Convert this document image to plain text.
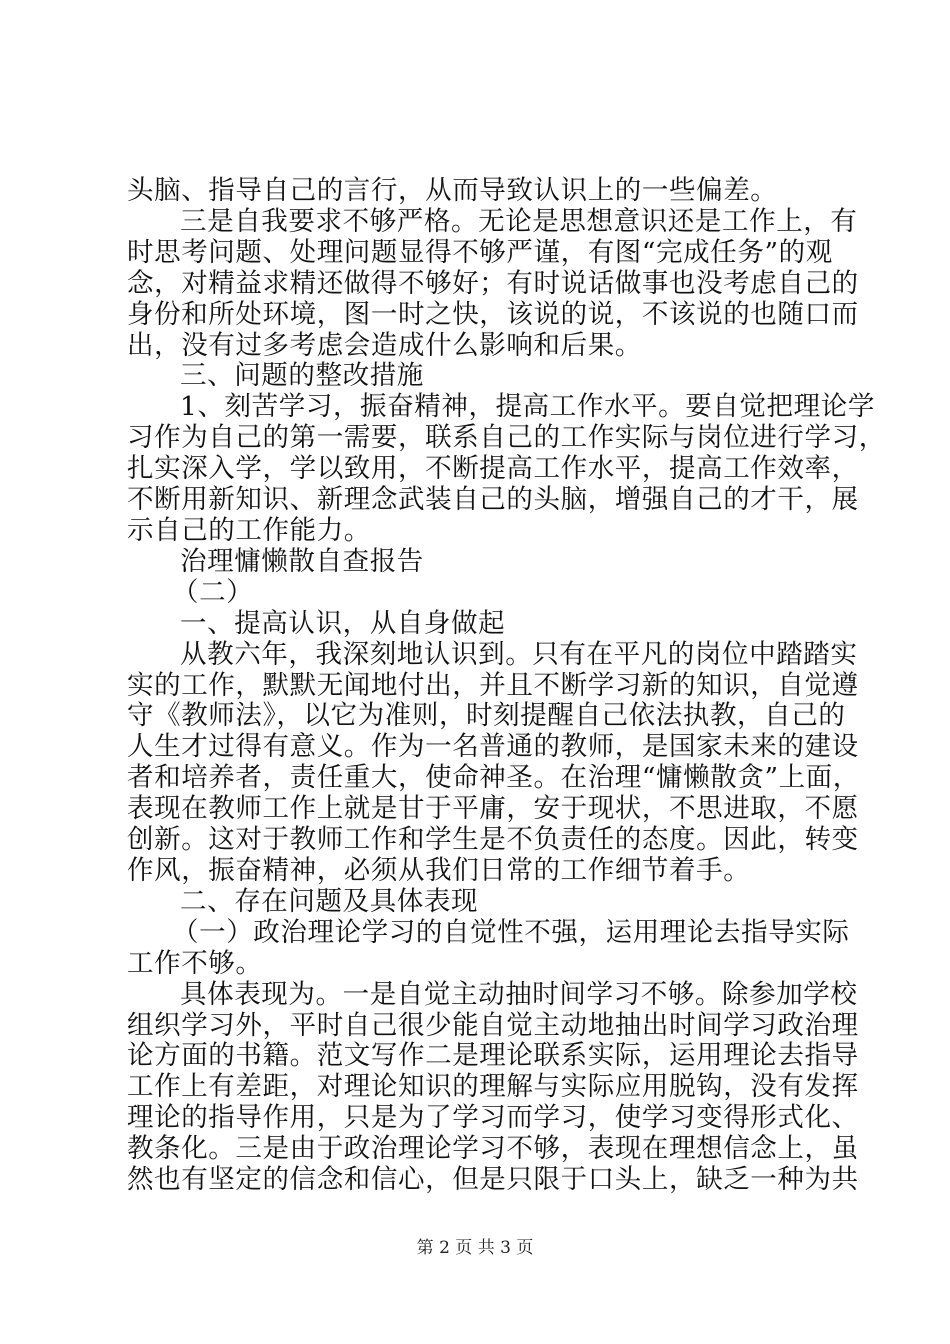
头脑、指导自己的言行，从而导致认识上的一些偏差。
三是自我要求不够严格。无论是思想意识还是工作上，有
时思考问题、处理问题显得不够严谨，有图“完成任务”的观
念，对精益求精还做得不够好；有时说话做事也没考虑自己的
身份和所处环境，图一时之快，该说的说，不该说的也随口而
出，没有过多考虑会造成什么影响和后果。
三、问题的整改措施
1、刻苦学习，振奋精神，提高工作水平。要自觉把理论学
习作为自己的第一需要，联系自己的工作实际与岗位进行学习，
扎实深入学，学以致用，不断提高工作水平，提高工作效率，
不断用新知识、新理念武装自己的头脑，增强自己的才干，展
示自己的工作能力。
治理慵懒散自查报告
（二）
一、提高认识，从自身做起
从教六年，我深刻地认识到。只有在平凡的岗位中踏踏实
实的工作，默默无闻地付出，并且不断学习新的知识，自觉遵
守《教师法》，以它为准则，时刻提醒自己依法执教，自己的
人生才过得有意义。作为一名普通的教师，是国家未来的建设
者和培养者，责任重大，使命神圣。在治理“慵懒散贪”上面，
表现在教师工作上就是甘于平庸，安于现状，不思进取，不愿
创新。这对于教师工作和学生是不负责任的态度。因此，转变
作风，振奋精神，必须从我们日常的工作细节着手。
二、存在问题及具体表现
（一）政治理论学习的自觉性不强，运用理论去指导实际
工作不够。
具体表现为。一是自觉主动抽时间学习不够。除参加学校
组织学习外，平时自己很少能自觉主动地抽出时间学习政治理
论方面的书籍。范文写作二是理论联系实际，运用理论去指导
工作上有差距，对理论知识的理解与实际应用脱钩，没有发挥
理论的指导作用，只是为了学习而学习，使学习变得形式化、
教条化。三是由于政治理论学习不够，表现在理想信念上，虽
然也有坚定的信念和信心，但是只限于口头上，缺乏一种为共
第 2 页 共 3 页
